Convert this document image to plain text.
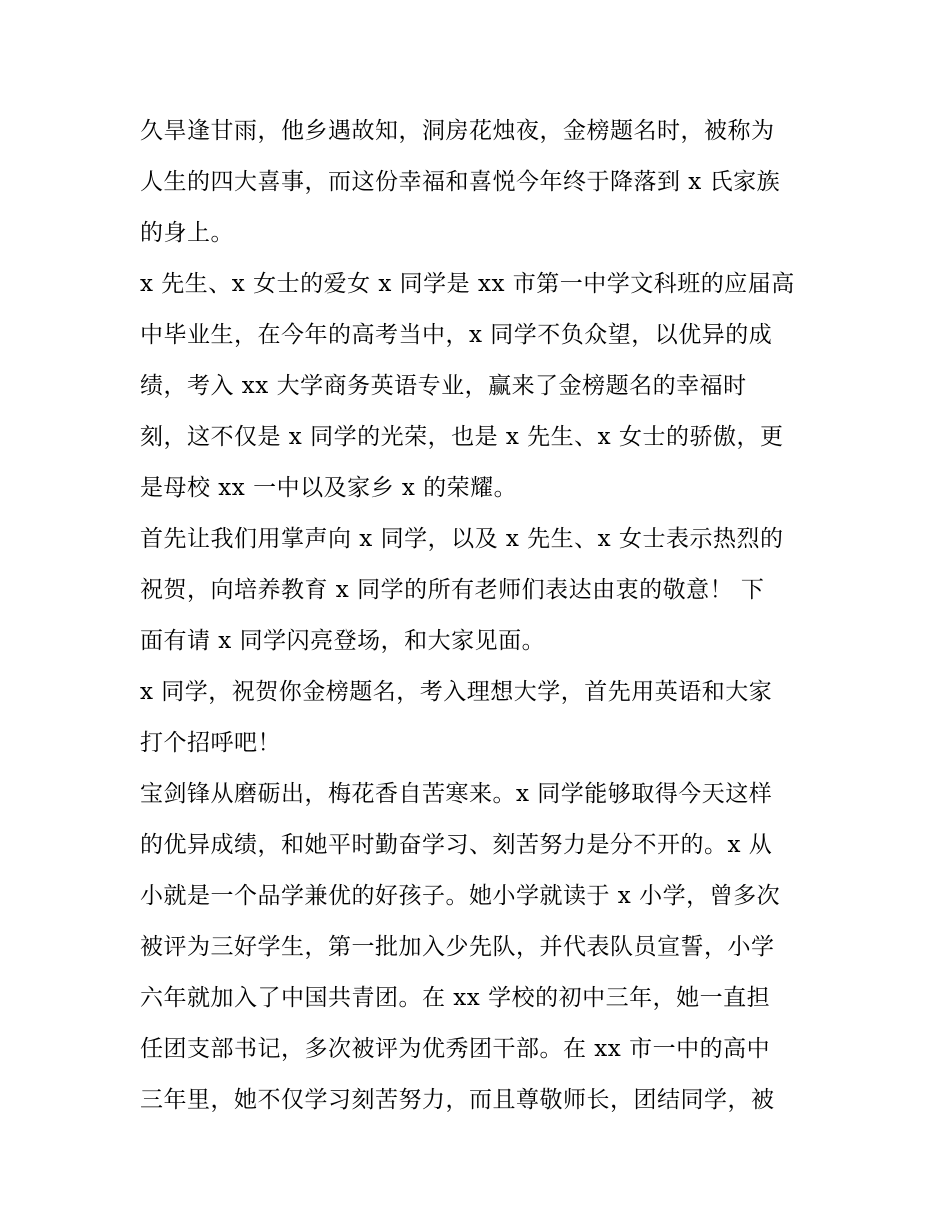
久旱逢甘雨，他乡遇故知，洞房花烛夜，金榜题名时，被称为
人生的四大喜事，而这份幸福和喜悦今年终于降落到 x 氏家族
的身上。
x 先生、x 女士的爱女 x 同学是 xx 市第一中学文科班的应届高
中毕业生，在今年的高考当中，x 同学不负众望，以优异的成
绩，考入 xx 大学商务英语专业，赢来了金榜题名的幸福时
刻，这不仅是 x 同学的光荣，也是 x 先生、x 女士的骄傲，更
是母校 xx 一中以及家乡 x 的荣耀。
首先让我们用掌声向 x 同学，以及 x 先生、x 女士表示热烈的
祝贺，向培养教育 x 同学的所有老师们表达由衷的敬意！ 下
面有请 x 同学闪亮登场，和大家见面。
x 同学，祝贺你金榜题名，考入理想大学，首先用英语和大家
打个招呼吧！
宝剑锋从磨砺出，梅花香自苦寒来。x 同学能够取得今天这样
的优异成绩，和她平时勤奋学习、刻苦努力是分不开的。x 从
小就是一个品学兼优的好孩子。她小学就读于 x 小学，曾多次
被评为三好学生，第一批加入少先队，并代表队员宣誓，小学
六年就加入了中国共青团。在 xx 学校的初中三年，她一直担
任团支部书记，多次被评为优秀团干部。在 xx 市一中的高中
三年里，她不仅学习刻苦努力，而且尊敬师长，团结同学，被
